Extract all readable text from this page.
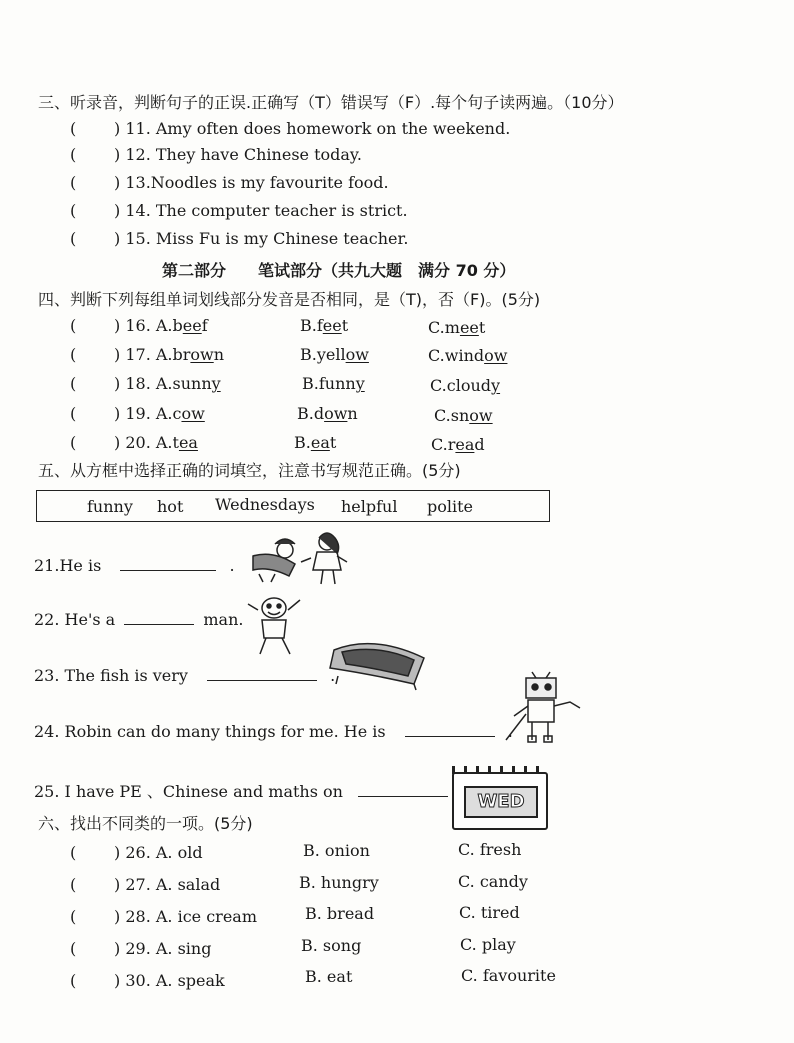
三、听录音，判断句子的正误.正确写（T）错误写（F）.每个句子读两遍。（10分）
( ) 11. Amy often does homework on the weekend.
( ) 12. They have Chinese today.
( ) 13.Noodles is my favourite food.
( ) 14. The computer teacher is strict.
( ) 15. Miss Fu is my Chinese teacher.
第二部分　　笔试部分（共九大题　满分 70 分）
四、判断下列每组单词划线部分发音是否相同，是（T)，否（F)。(5分)
( ) 16. A.beef	B.feet	C.meet
( ) 17. A.brown	B.yellow	C.window
( ) 18. A.sunny	B.funny	C.cloudy
( ) 19. A.cow	B.down	C.snow
( ) 20. A.tea	B.eat	C.read
五、从方框中选择正确的词填空，注意书写规范正确。(5分)
funny hot Wednesdays helpful polite
21.He is	.
22. He's a	man.
23. The fish is very	.
24. Robin can do many things for me. He is	.
25. I have PE 、Chinese and maths on	WED
六、找出不同类的一项。(5分)
( ) 26. A. old	B. onion	C. fresh
( ) 27. A. salad	B. hungry	C. candy
( ) 28. A. ice cream	B. bread	C. tired
( ) 29. A. sing	B. song	C. play
( ) 30. A. speak	B. eat	C. favourite
